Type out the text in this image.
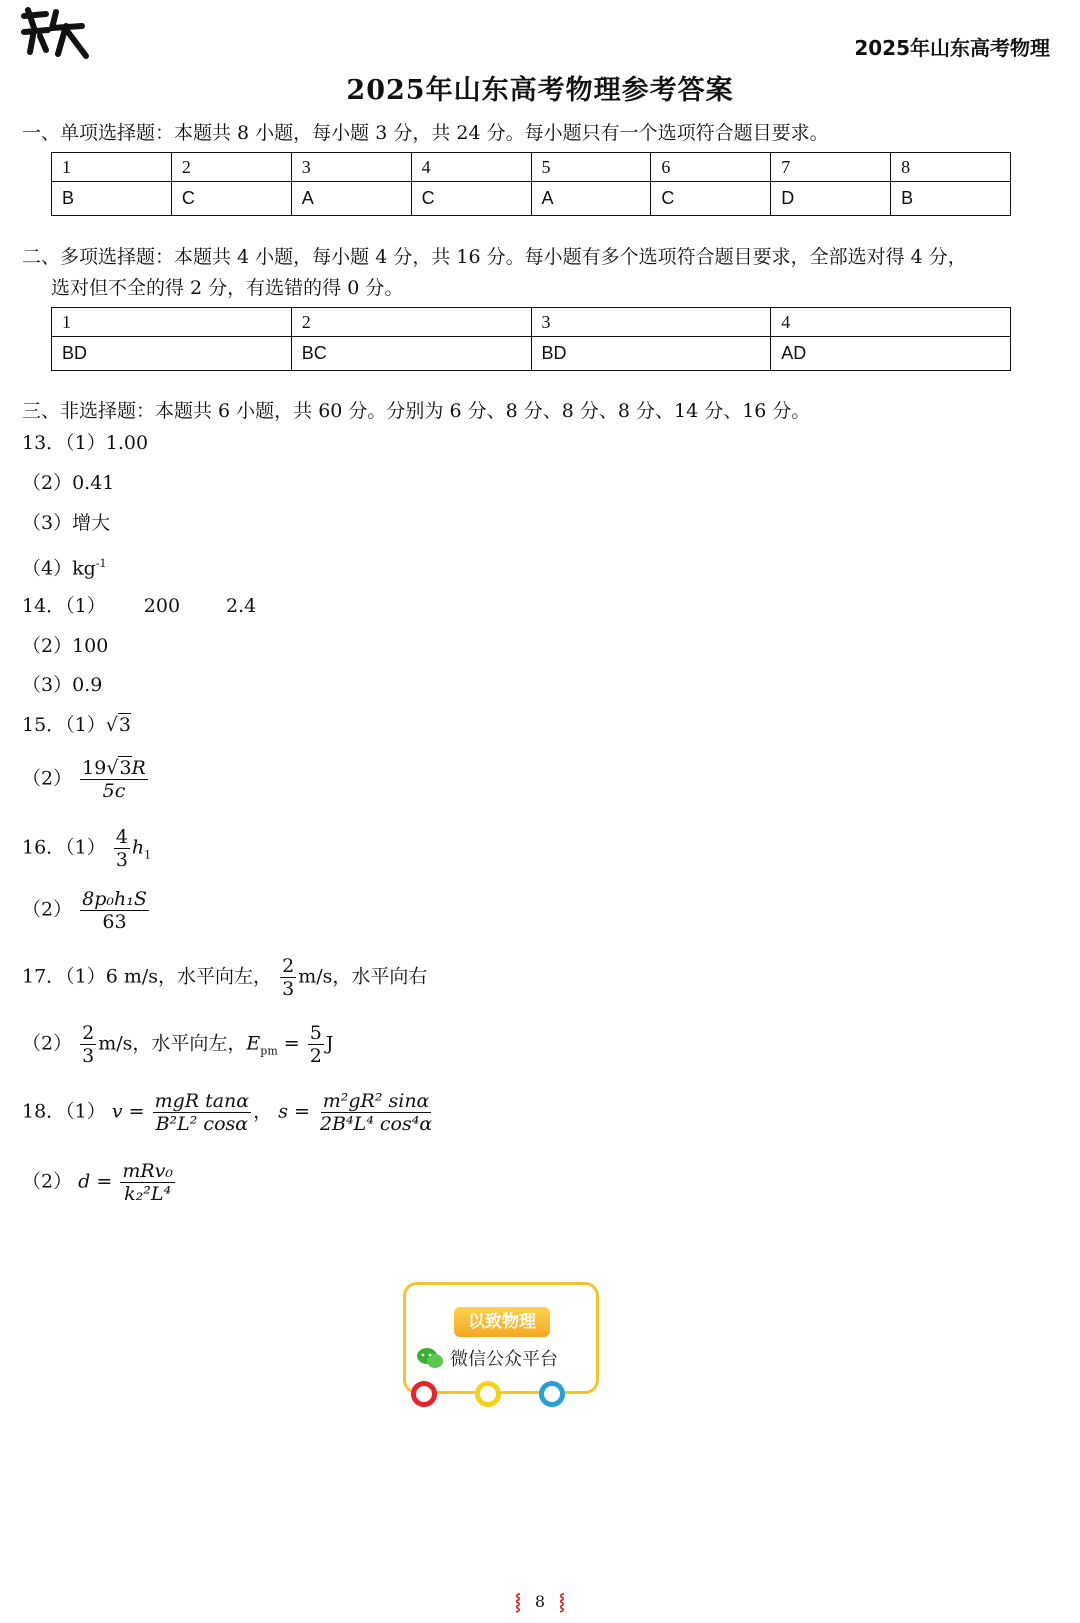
2025年山东高考物理
2025年山东高考物理参考答案
一、单项选择题：本题共 8 小题，每小题 3 分，共 24 分。每小题只有一个选项符合题目要求。
1	2	3	4	5	6	7	8
B	C	A	C	A	C	D	B
二、多项选择题：本题共 4 小题，每小题 4 分，共 16 分。每小题有多个选项符合题目要求，全部选对得 4 分，
选对但不全的得 2 分，有选错的得 0 分。
1	2	3	4
BD	BC	BD	AD
三、非选择题：本题共 6 小题，共 60 分。分别为 6 分、8 分、8 分、8 分、14 分、16 分。
13．（1）1.00
（2）0.41
（3）增大
$(4)kg^{-1}$
14．（1） 200 2.4
（2）100
（3）0.9
15．（1）√3
$(2) \frac{19√3R}{5c}$
16．$(1) \frac{4}{3} h_1$
$(2) \frac{\text{8p₀h₁S}}{63}$
17．（1）6 m/s，水平向左， $\frac{2}{3} m/s$，水平向右
$(2) \frac{2}{3} m/s$，水平向左，$E_{pm} = \frac{5}{2}$ J
18．（1） $v = \frac{\text{mgR tanα}}{\text{B²L² cosα}}$ ， $s = \frac{\text{m²gR² sinα}}{\text{2B⁴L⁴ cos⁴α}}$
（2） $d = \frac{\text{mRv₀}}{\text{k₂²L⁴}}$
以致物理
微信公众平台
⸾ 8 ⸾
